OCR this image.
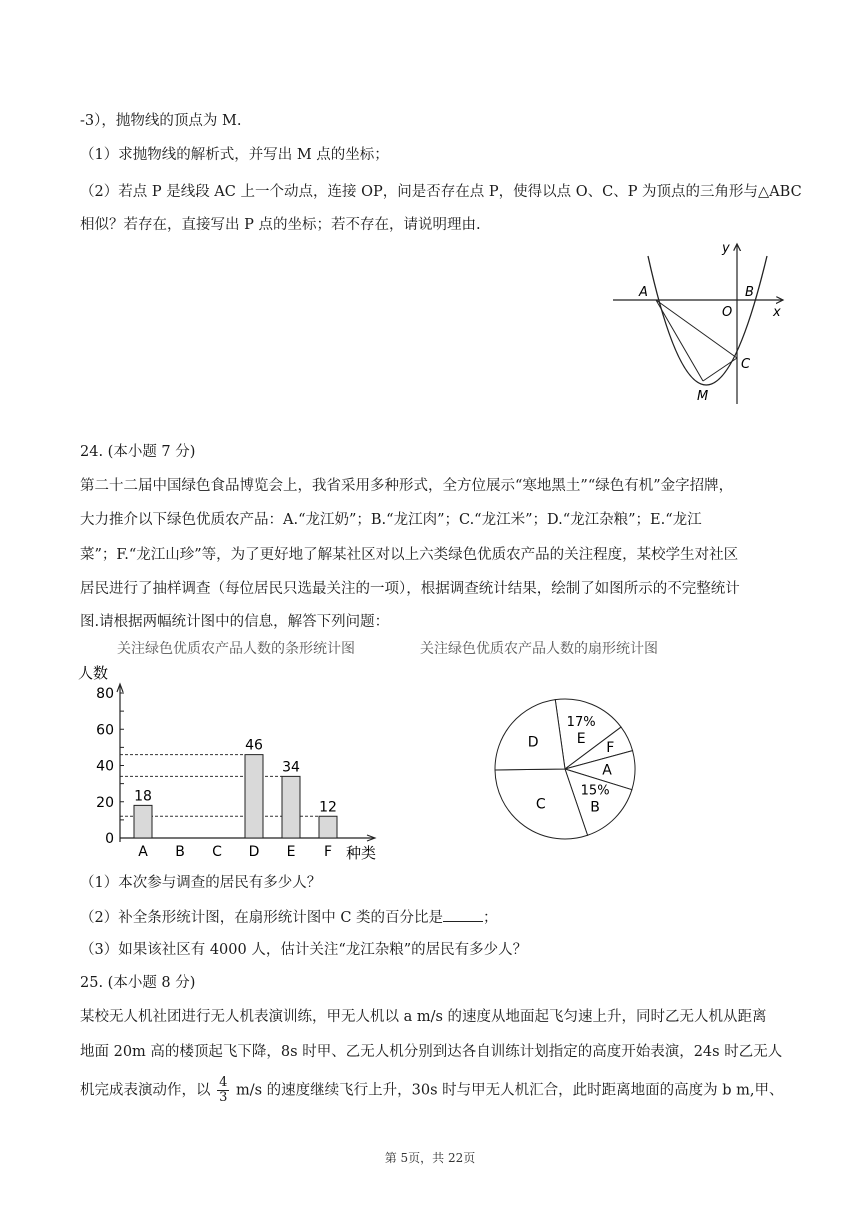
-3），抛物线的顶点为 M.
（1）求抛物线的解析式，并写出 M 点的坐标；
（2）若点 P 是线段 AC 上一个动点，连接 OP，问是否存在点 P，使得以点 O、C、P 为顶点的三角形与△ABC
相似？若存在，直接写出 P 点的坐标；若不存在，请说明理由.
y
x
A	B
O
C
M
24. (本小题 7 分)
第二十二届中国绿色食品博览会上，我省采用多种形式，全方位展示“寒地黑土”“绿色有机”金字招牌，
大力推介以下绿色优质农产品：A.“龙江奶”；B.“龙江肉”；C.“龙江米”；D.“龙江杂粮”；E.“龙江
菜”；F.“龙江山珍”等，为了更好地了解某社区对以上六类绿色优质农产品的关注程度，某校学生对社区
居民进行了抽样调查（每位居民只选最关注的一项），根据调查统计结果，绘制了如图所示的不完整统计
图.请根据两幅统计图中的信息，解答下列问题：
关注绿色优质农产品人数的条形统计图	关注绿色优质农产品人数的扇形统计图
人数
种类
0
20
40
60
80
18
A B C
46
D
34
E
12
F
17%
E
F
A
15%
B
C
D
（1）本次参与调查的居民有多少人？
（2）补全条形统计图，在扇形统计图中 C 类的百分比是	；
（3）如果该社区有 4000 人，估计关注“龙江杂粮”的居民有多少人？
25. (本小题 8 分)
某校无人机社团进行无人机表演训练，甲无人机以 a m/s 的速度从地面起飞匀速上升，同时乙无人机从距离
地面 20m 高的楼顶起飞下降，8s 时甲、乙无人机分别到达各自训练计划指定的高度开始表演，24s 时乙无人
机完成表演动作，以 $\frac{4}{3} m/s$ 的速度继续飞行上升，30s 时与甲无人机汇合，此时距离地面的高度为 b m,甲、
第 5页，共 22页
